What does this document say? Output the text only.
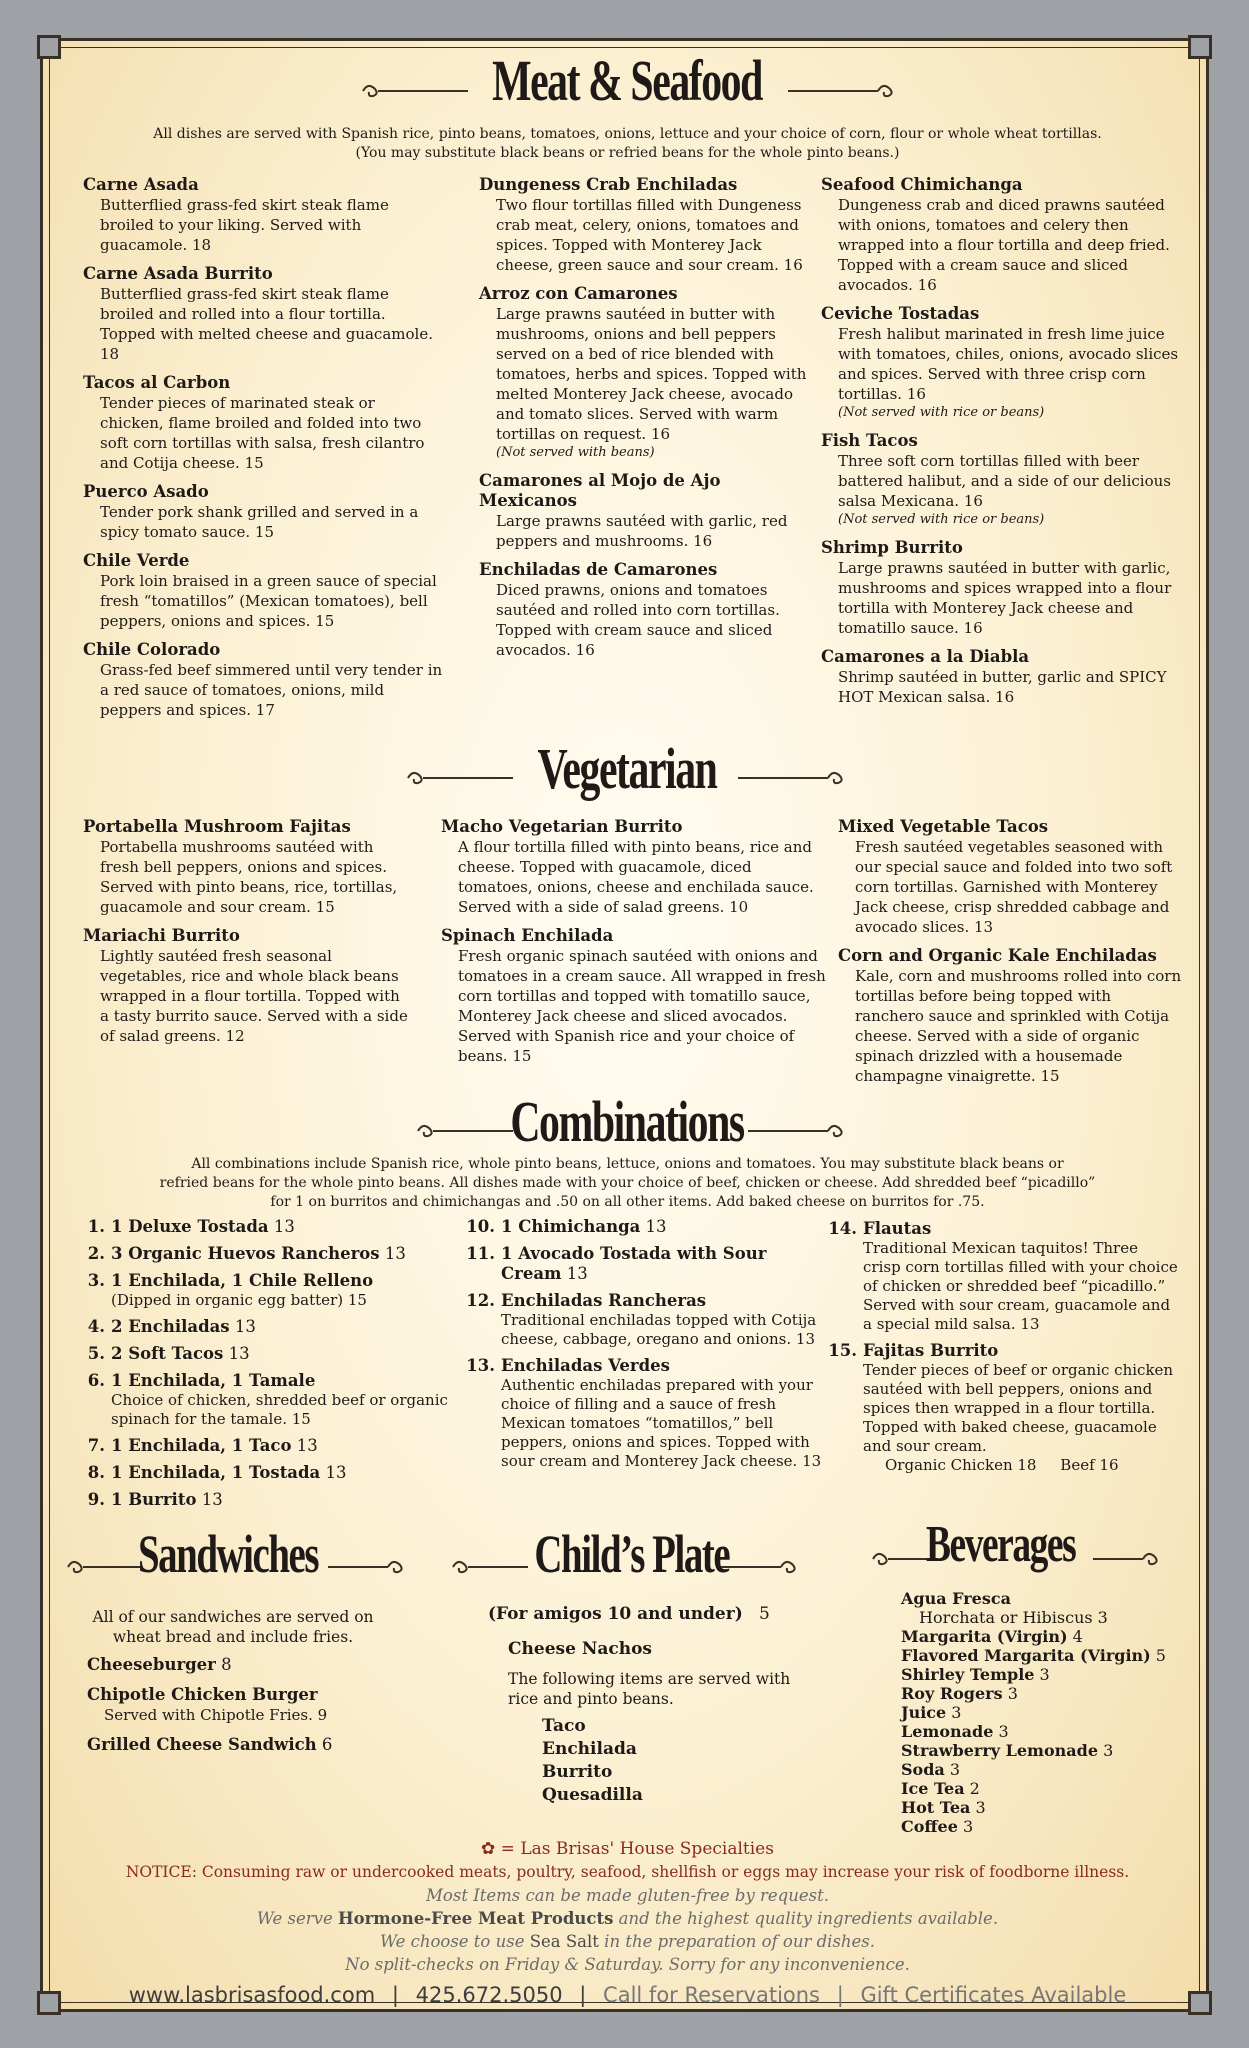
Meat & Seafood
All dishes are served with Spanish rice, pinto beans, tomatoes, onions, lettuce and your choice of corn, flour or whole wheat tortillas.
(You may substitute black beans or refried beans for the whole pinto beans.)
Carne Asada
Butterflied grass-fed skirt steak flame broiled to your liking. Served with guacamole. 18
Carne Asada Burrito
Butterflied grass-fed skirt steak flame broiled and rolled into a flour tortilla. Topped with melted cheese and guacamole. 18
Tacos al Carbon
Tender pieces of marinated steak or chicken, flame broiled and folded into two soft corn tortillas with salsa, fresh cilantro and Cotija cheese. 15
Puerco Asado
Tender pork shank grilled and served in a spicy tomato sauce. 15
Chile Verde
Pork loin braised in a green sauce of special fresh “tomatillos” (Mexican tomatoes), bell peppers, onions and spices. 15
Chile Colorado
Grass-fed beef simmered until very tender in a red sauce of tomatoes, onions, mild peppers and spices. 17
Dungeness Crab Enchiladas
Two flour tortillas filled with Dungeness crab meat, celery, onions, tomatoes and spices. Topped with Monterey Jack cheese, green sauce and sour cream. 16
Arroz con Camarones
Large prawns sautéed in butter with mushrooms, onions and bell peppers served on a bed of rice blended with tomatoes, herbs and spices. Topped with melted Monterey Jack cheese, avocado and tomato slices. Served with warm tortillas on request. 16
(Not served with beans)
Camarones al Mojo de Ajo Mexicanos
Large prawns sautéed with garlic, red peppers and mushrooms. 16
Enchiladas de Camarones
Diced prawns, onions and tomatoes sautéed and rolled into corn tortillas. Topped with cream sauce and sliced avocados. 16
Seafood Chimichanga
Dungeness crab and diced prawns sautéed with onions, tomatoes and celery then wrapped into a flour tortilla and deep fried. Topped with a cream sauce and sliced avocados. 16
Ceviche Tostadas
Fresh halibut marinated in fresh lime juice with tomatoes, chiles, onions, avocado slices and spices. Served with three crisp corn tortillas. 16
(Not served with rice or beans)
Fish Tacos
Three soft corn tortillas filled with beer battered halibut, and a side of our delicious salsa Mexicana. 16
(Not served with rice or beans)
Shrimp Burrito
Large prawns sautéed in butter with garlic, mushrooms and spices wrapped into a flour tortilla with Monterey Jack cheese and tomatillo sauce. 16
Camarones a la Diabla
Shrimp sautéed in butter, garlic and SPICY HOT Mexican salsa. 16
Vegetarian
Portabella Mushroom Fajitas
Portabella mushrooms sautéed with fresh bell peppers, onions and spices. Served with pinto beans, rice, tortillas, guacamole and sour cream. 15
Mariachi Burrito
Lightly sautéed fresh seasonal vegetables, rice and whole black beans wrapped in a flour tortilla. Topped with a tasty burrito sauce. Served with a side of salad greens. 12
Macho Vegetarian Burrito
A flour tortilla filled with pinto beans, rice and cheese. Topped with guacamole, diced tomatoes, onions, cheese and enchilada sauce. Served with a side of salad greens. 10
Spinach Enchilada
Fresh organic spinach sautéed with onions and tomatoes in a cream sauce. All wrapped in fresh corn tortillas and topped with tomatillo sauce, Monterey Jack cheese and sliced avocados. Served with Spanish rice and your choice of beans. 15
Mixed Vegetable Tacos
Fresh sautéed vegetables seasoned with our special sauce and folded into two soft corn tortillas. Garnished with Monterey Jack cheese, crisp shredded cabbage and avocado slices. 13
Corn and Organic Kale Enchiladas
Kale, corn and mushrooms rolled into corn tortillas before being topped with ranchero sauce and sprinkled with Cotija cheese. Served with a side of organic spinach drizzled with a housemade champagne vinaigrette. 15
Combinations
All combinations include Spanish rice, whole pinto beans, lettuce, onions and tomatoes. You may substitute black beans or
refried beans for the whole pinto beans. All dishes made with your choice of beef, chicken or cheese. Add shredded beef “picadillo”
for 1 on burritos and chimichangas and .50 on all other items. Add baked cheese on burritos for .75.
1. 1 Deluxe Tostada 13
2. 3 Organic Huevos Rancheros 13
3. 1 Enchilada, 1 Chile Relleno
(Dipped in organic egg batter) 15
4. 2 Enchiladas 13
5. 2 Soft Tacos 13
6. 1 Enchilada, 1 Tamale
Choice of chicken, shredded beef or organic spinach for the tamale. 15
7. 1 Enchilada, 1 Taco 13
8. 1 Enchilada, 1 Tostada 13
9. 1 Burrito 13
10. 1 Chimichanga 13
11. 1 Avocado Tostada with Sour Cream 13
12. Enchiladas Rancheras
Traditional enchiladas topped with Cotija cheese, cabbage, oregano and onions. 13
13. Enchiladas Verdes
Authentic enchiladas prepared with your choice of filling and a sauce of fresh Mexican tomatoes “tomatillos,” bell peppers, onions and spices. Topped with sour cream and Monterey Jack cheese. 13
14. Flautas
Traditional Mexican taquitos! Three crisp corn tortillas filled with your choice of chicken or shredded beef “picadillo.” Served with sour cream, guacamole and a special mild salsa. 13
15. Fajitas Burrito
Tender pieces of beef or organic chicken sautéed with bell peppers, onions and spices then wrapped in a flour tortilla. Topped with baked cheese, guacamole and sour cream.
Organic Chicken 18     Beef 16
Sandwiches
All of our sandwiches are served on wheat bread and include fries.
Cheeseburger 8
Chipotle Chicken Burger
Served with Chipotle Fries. 9
Grilled Cheese Sandwich 6
Child’s Plate
(For amigos 10 and under) 5
Cheese Nachos
The following items are served with rice and pinto beans.
Taco
Enchilada
Burrito
Quesadilla
Beverages
Agua Fresca
Horchata or Hibiscus 3
Margarita (Virgin) 4
Flavored Margarita (Virgin) 5
Shirley Temple 3
Roy Rogers 3
Juice 3
Lemonade 3
Strawberry Lemonade 3
Soda 3
Ice Tea 2
Hot Tea 3
Coffee 3
✿ = Las Brisas' House Specialties
NOTICE: Consuming raw or undercooked meats, poultry, seafood, shellfish or eggs may increase your risk of foodborne illness.
Most Items can be made gluten-free by request.
We serve Hormone-Free Meat Products and the highest quality ingredients available.
We choose to use Sea Salt in the preparation of our dishes.
No split-checks on Friday & Saturday. Sorry for any inconvenience.
www.lasbrisasfood.com | 425.672.5050 | Call for Reservations | Gift Certificates Available
